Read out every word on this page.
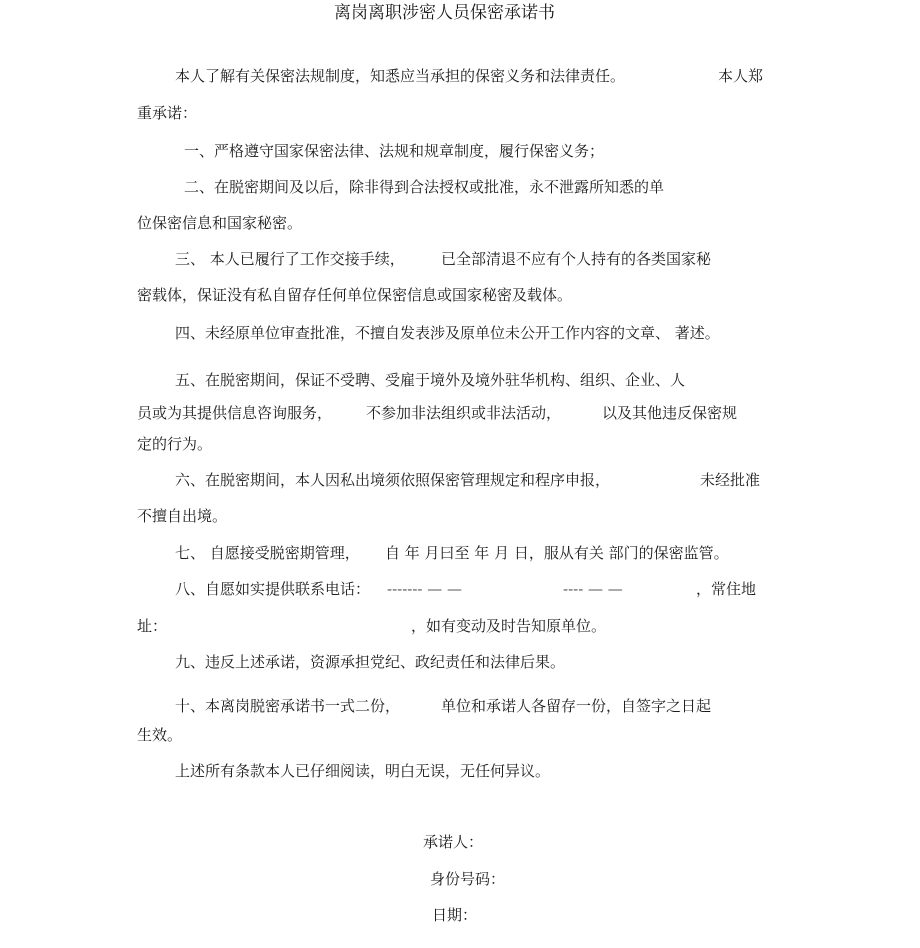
离岗离职涉密人员保密承诺书
本人了解有关保密法规制度，知悉应当承担的保密义务和法律责任。	本人郑
重承诺：
一、严格遵守国家保密法律、法规和规章制度，履行保密义务；
二、在脱密期间及以后，除非得到合法授权或批准，永不泄露所知悉的单
位保密信息和国家秘密。
三、 本人已履行了工作交接手续， 已全部清退不应有个人持有的各类国家秘
密载体，保证没有私自留存任何单位保密信息或国家秘密及载体。
四、未经原单位审查批准，不擅自发表涉及原单位未公开工作内容的文章、 著述。
五、在脱密期间，保证不受聘、受雇于境外及境外驻华机构、组织、企业、人
员或为其提供信息咨询服务， 不参加非法组织或非法活动，	以及其他违反保密规
定的行为。
六、在脱密期间，本人因私出境须依照保密管理规定和程序申报，	未经批准
不擅自出境。
七、 自愿接受脱密期管理， 自 年 月曰至 年 月 日，服从有关 部门的保密监管。
八、自愿如实提供联系电话： ------- — —	---- — —	，常住地
址：	，如有变动及时告知原单位。
九、违反上述承诺，资源承担党纪、政纪责任和法律后果。
十、本离岗脱密承诺书一式二份，	单位和承诺人各留存一份，自签字之日起
生效。
上述所有条款本人已仔细阅读，明白无误，无任何异议。
承诺人：
身份号码：
日期：
